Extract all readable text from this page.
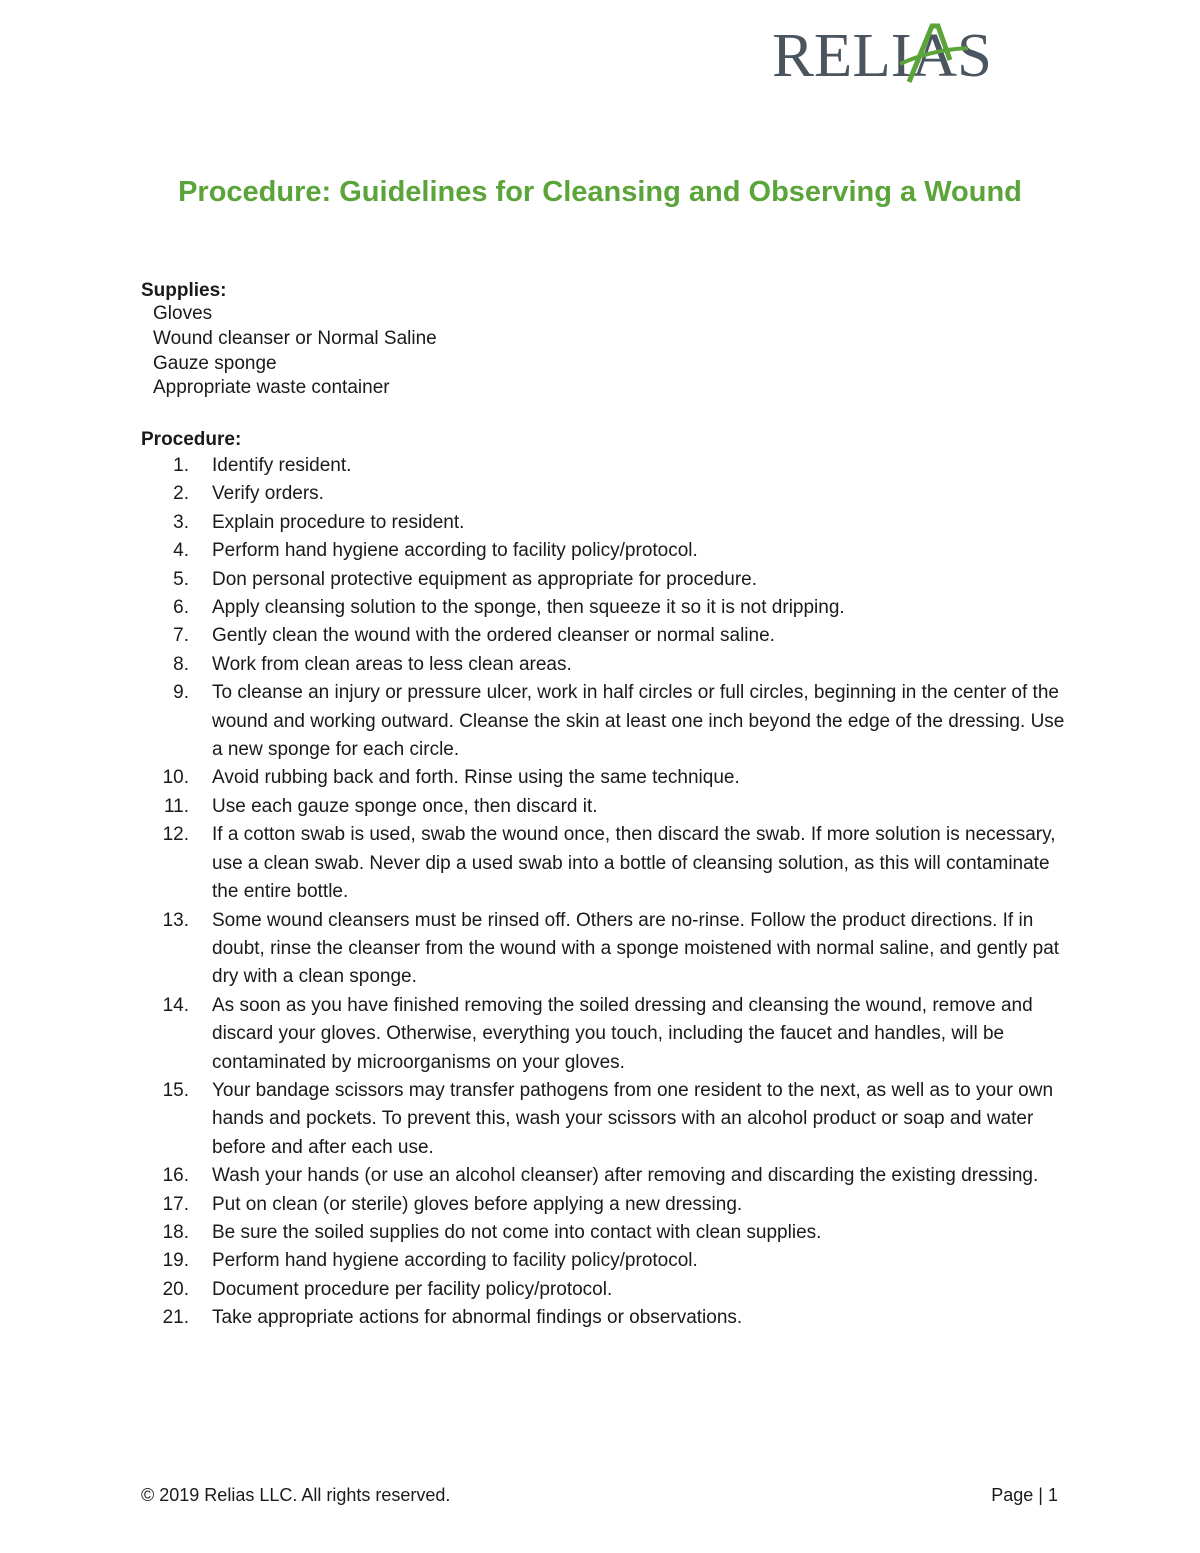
RELIAS
Procedure: Guidelines for Cleansing and Observing a Wound
Supplies:
Gloves
Wound cleanser or Normal Saline
Gauze sponge
Appropriate waste container
Procedure:
1. Identify resident.
2. Verify orders.
3. Explain procedure to resident.
4. Perform hand hygiene according to facility policy/protocol.
5. Don personal protective equipment as appropriate for procedure.
6. Apply cleansing solution to the sponge, then squeeze it so it is not dripping.
7. Gently clean the wound with the ordered cleanser or normal saline.
8. Work from clean areas to less clean areas.
9. To cleanse an injury or pressure ulcer, work in half circles or full circles, beginning in the center of the wound and working outward. Cleanse the skin at least one inch beyond the edge of the dressing. Use a new sponge for each circle.
10. Avoid rubbing back and forth. Rinse using the same technique.
11. Use each gauze sponge once, then discard it.
12. If a cotton swab is used, swab the wound once, then discard the swab. If more solution is necessary, use a clean swab. Never dip a used swab into a bottle of cleansing solution, as this will contaminate the entire bottle.
13. Some wound cleansers must be rinsed off. Others are no-rinse. Follow the product directions. If in doubt, rinse the cleanser from the wound with a sponge moistened with normal saline, and gently pat dry with a clean sponge.
14. As soon as you have finished removing the soiled dressing and cleansing the wound, remove and discard your gloves. Otherwise, everything you touch, including the faucet and handles, will be contaminated by microorganisms on your gloves.
15. Your bandage scissors may transfer pathogens from one resident to the next, as well as to your own hands and pockets. To prevent this, wash your scissors with an alcohol product or soap and water before and after each use.
16. Wash your hands (or use an alcohol cleanser) after removing and discarding the existing dressing.
17. Put on clean (or sterile) gloves before applying a new dressing.
18. Be sure the soiled supplies do not come into contact with clean supplies.
19. Perform hand hygiene according to facility policy/protocol.
20. Document procedure per facility policy/protocol.
21. Take appropriate actions for abnormal findings or observations.
© 2019 Relias LLC. All rights reserved.	Page | 1
